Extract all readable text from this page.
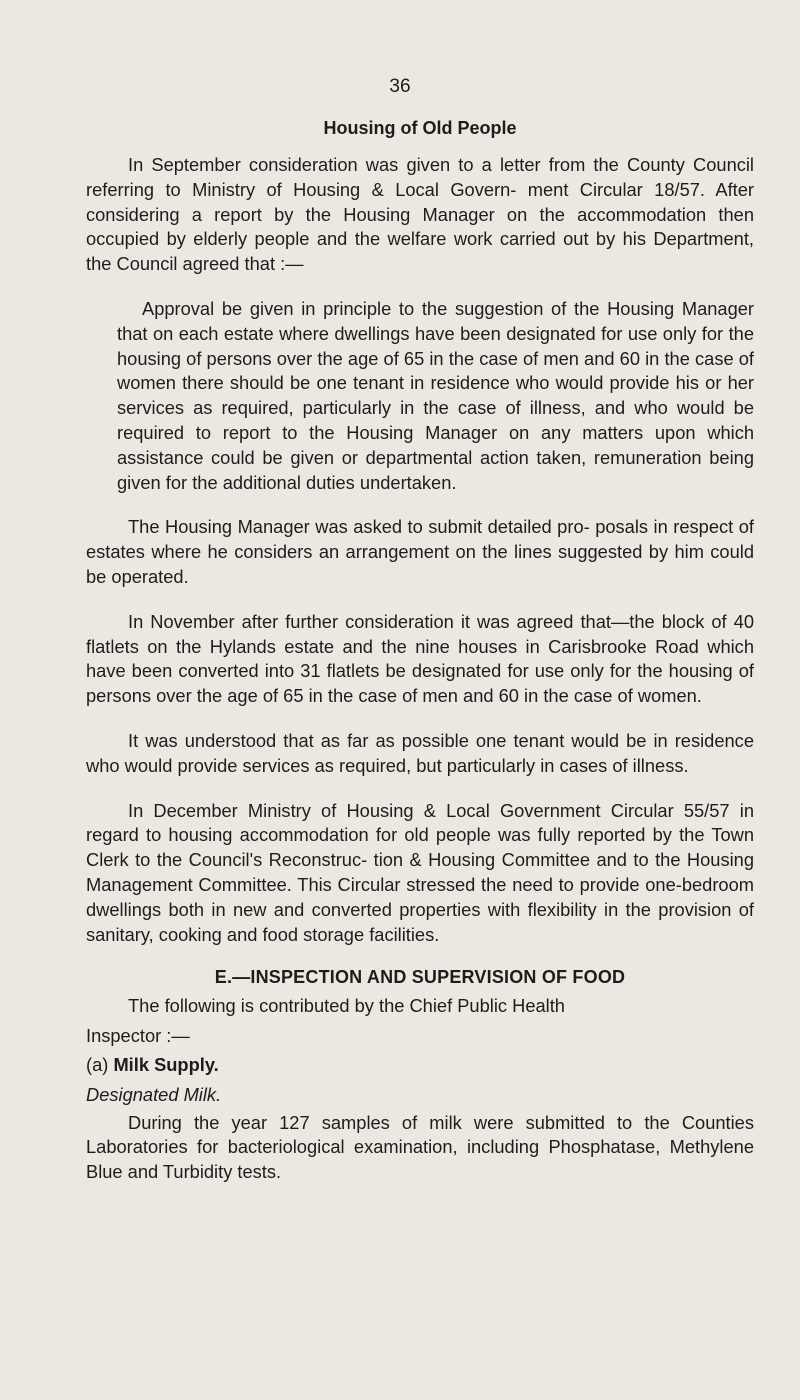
36
Housing of Old People

In September consideration was given to a letter from the County Council referring to Ministry of Housing & Local Govern- ment Circular 18/57. After considering a report by the Housing Manager on the accommodation then occupied by elderly people and the welfare work carried out by his Department, the Council agreed that :—

Approval be given in principle to the suggestion of the Housing Manager that on each estate where dwellings have been designated for use only for the housing of persons over the age of 65 in the case of men and 60 in the case of women there should be one tenant in residence who would provide his or her services as required, particularly in the case of illness, and who would be required to report to the Housing Manager on any matters upon which assistance could be given or departmental action taken, remuneration being given for the additional duties undertaken.

The Housing Manager was asked to submit detailed pro- posals in respect of estates where he considers an arrangement on the lines suggested by him could be operated.

In November after further consideration it was agreed that—the block of 40 flatlets on the Hylands estate and the nine houses in Carisbrooke Road which have been converted into 31 flatlets be designated for use only for the housing of persons over the age of 65 in the case of men and 60 in the case of women.

It was understood that as far as possible one tenant would be in residence who would provide services as required, but particularly in cases of illness.

In December Ministry of Housing & Local Government Circular 55/57 in regard to housing accommodation for old people was fully reported by the Town Clerk to the Council's Reconstruc- tion & Housing Committee and to the Housing Management Committee. This Circular stressed the need to provide one-bedroom dwellings both in new and converted properties with flexibility in the provision of sanitary, cooking and food storage facilities.

E.—INSPECTION AND SUPERVISION OF FOOD

The following is contributed by the Chief Public Health

Inspector :—

(a) Milk Supply.
Designated Milk.

During the year 127 samples of milk were submitted to the Counties Laboratories for bacteriological examination, including Phosphatase, Methylene Blue and Turbidity tests.
